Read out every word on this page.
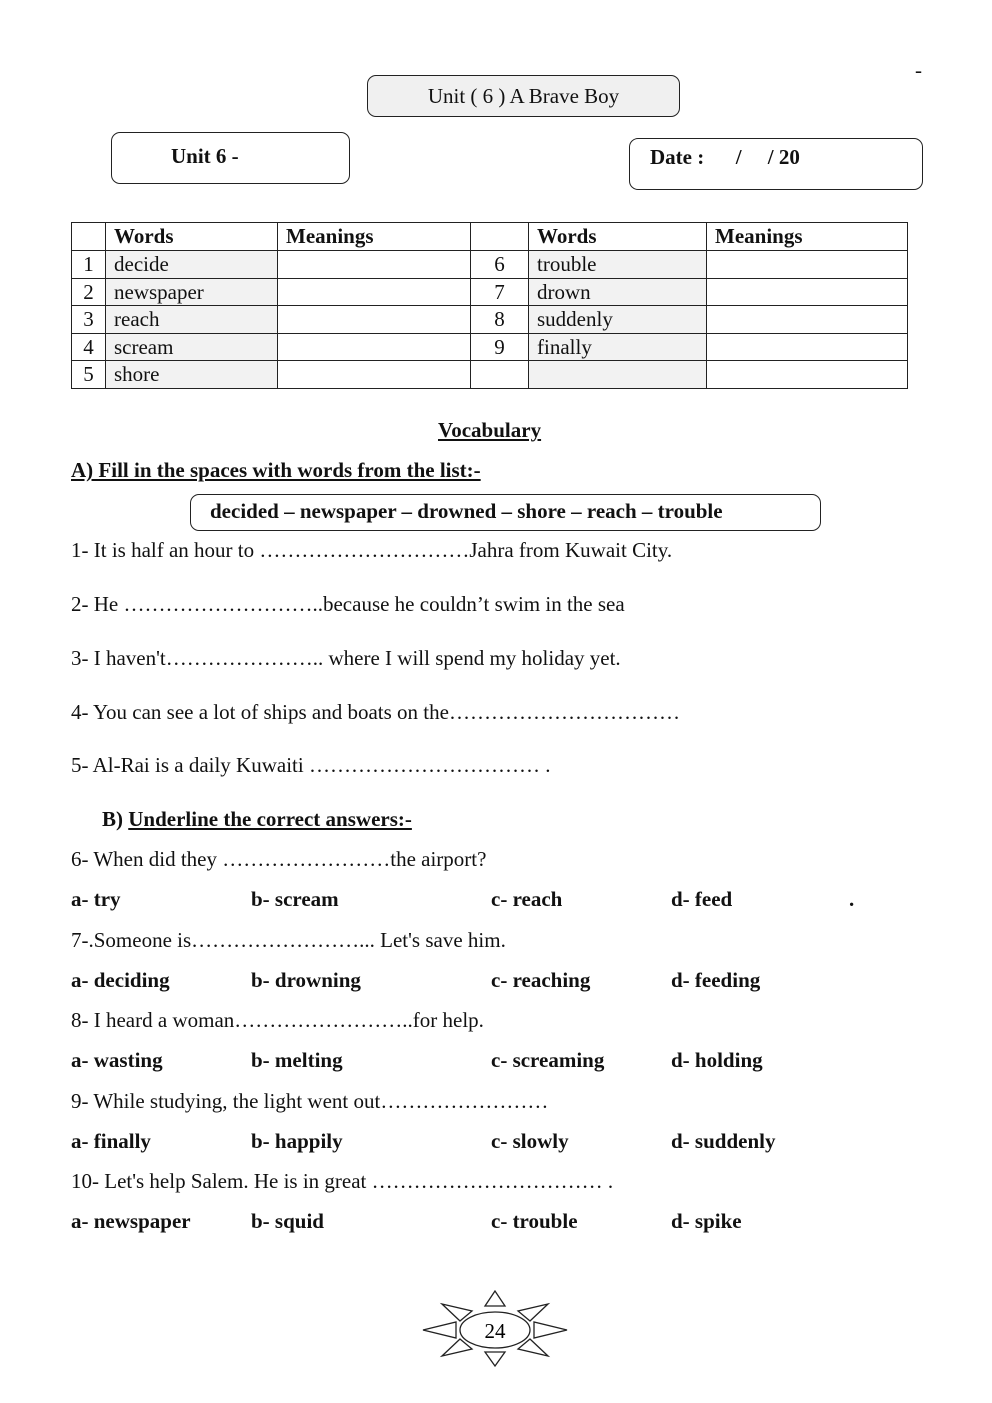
-
Unit ( 6 ) A Brave Boy
Unit 6 -	Date :      /     / 20
	Words	Meanings		Words	Meanings
1	decide		6	trouble	
2	newspaper		7	drown	
3	reach		8	suddenly	
4	scream		9	finally	
5	shore				
Vocabulary
A) Fill in the spaces with words from the list:-
decided – newspaper – drowned – shore – reach – trouble
1- It is half an hour to …………………………Jahra from Kuwait City.
2- He ………………………..because he couldn’t swim in the sea
3- I haven't………………….. where I will spend my holiday yet.
4- You can see a lot of ships and boats on the……………………………
5- Al-Rai is a daily Kuwaiti …………………………… .
B) Underline the correct answers:-
6- When did they ……………………the airport?
a- try	b- scream	c- reach	d- feed	.
7-.Someone is……………………... Let's save him.
a- deciding	b- drowning	c- reaching	d- feeding
8- I heard a woman……………………..for help.
a- wasting	b- melting	c- screaming	d- holding
9- While studying, the light went out……………………
a- finally	b- happily	c- slowly	d- suddenly
10- Let's help Salem. He is in great …………………………… .
a- newspaper	b- squid	c- trouble	d- spike
24
